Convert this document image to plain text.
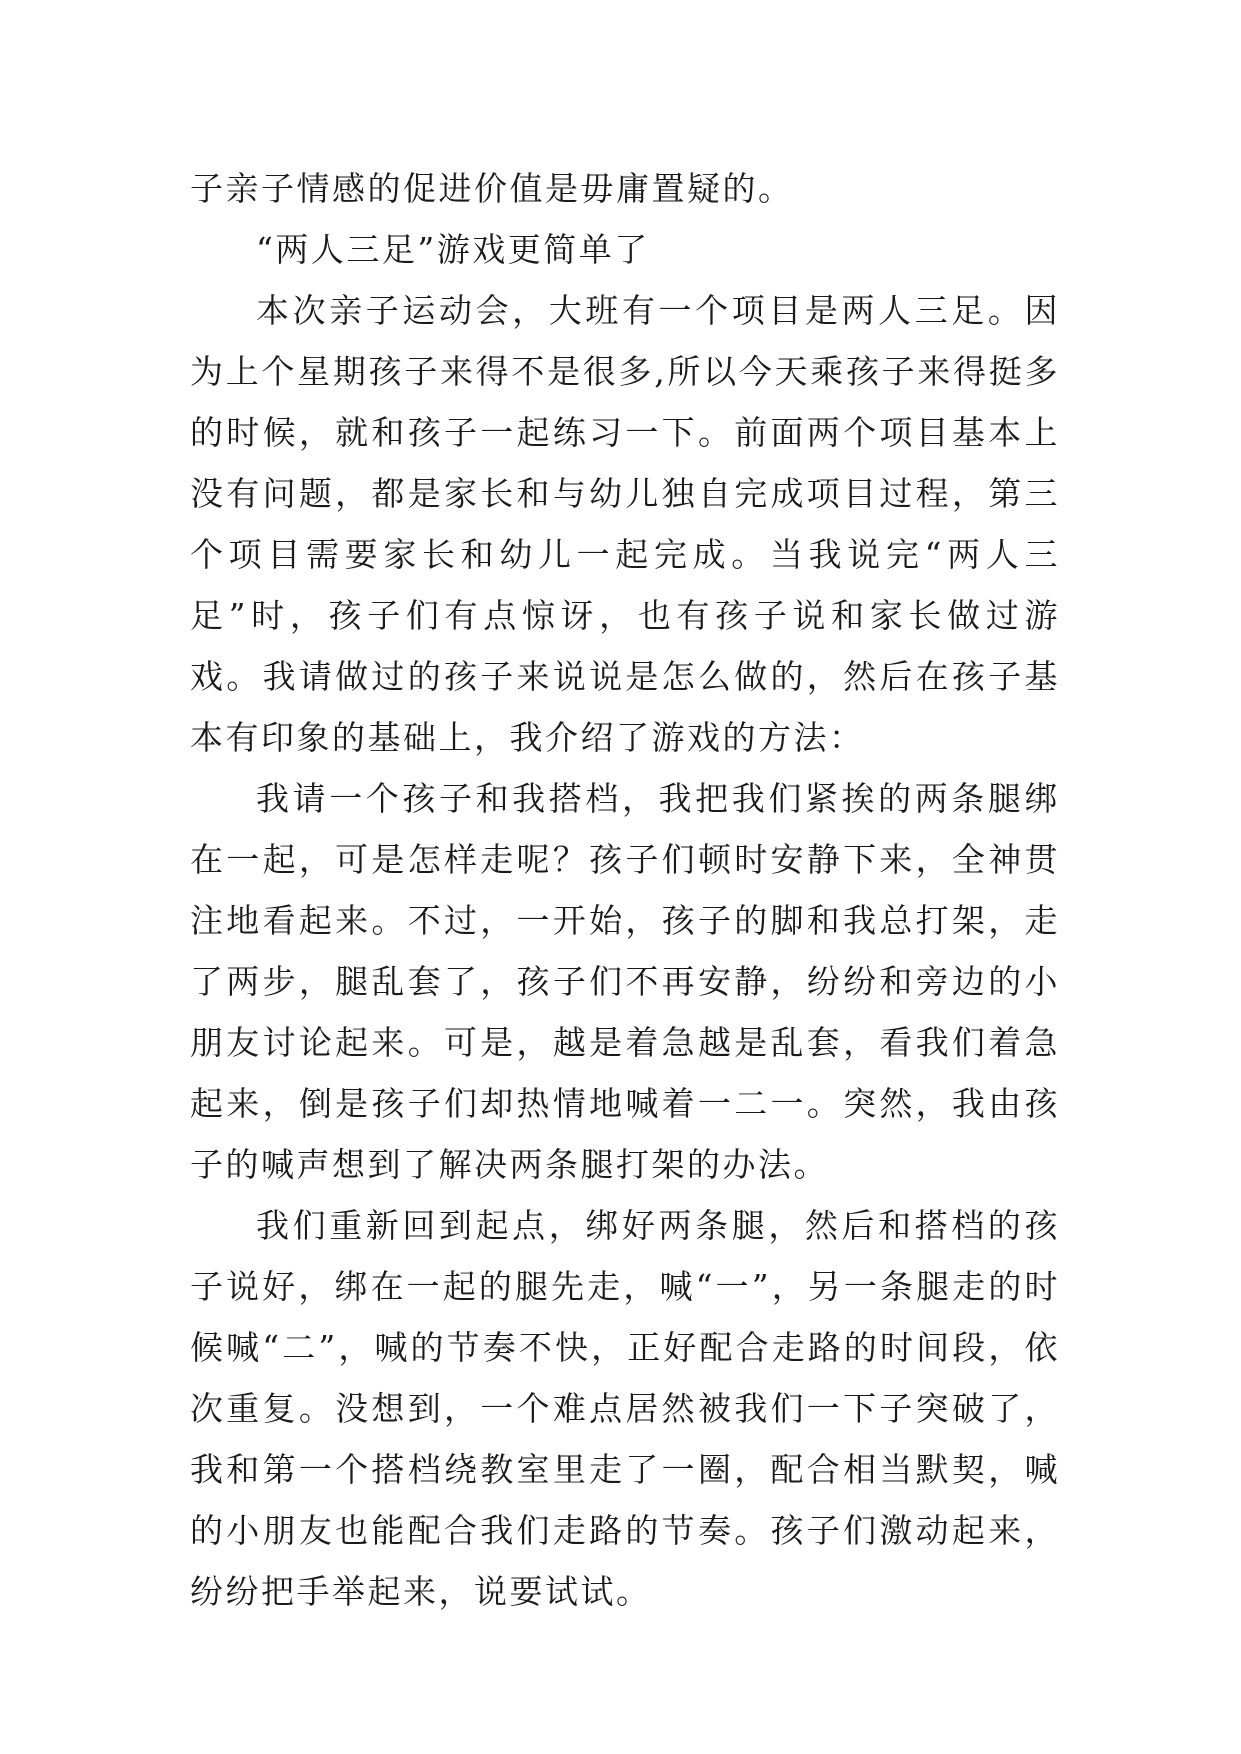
子亲子情感的促进价值是毋庸置疑的。

“两人三足”游戏更简单了

本次亲子运动会，大班有一个项目是两人三足。因为上个星期孩子来得不是很多,所以今天乘孩子来得挺多的时候，就和孩子一起练习一下。前面两个项目基本上没有问题，都是家长和与幼儿独自完成项目过程，第三个项目需要家长和幼儿一起完成。当我说完“两人三足”时，孩子们有点惊讶，也有孩子说和家长做过游戏。我请做过的孩子来说说是怎么做的，然后在孩子基本有印象的基础上，我介绍了游戏的方法：

我请一个孩子和我搭档，我把我们紧挨的两条腿绑在一起，可是怎样走呢？孩子们顿时安静下来，全神贯注地看起来。不过，一开始，孩子的脚和我总打架，走了两步，腿乱套了，孩子们不再安静，纷纷和旁边的小朋友讨论起来。可是，越是着急越是乱套，看我们着急起来，倒是孩子们却热情地喊着一二一。突然，我由孩子的喊声想到了解决两条腿打架的办法。

我们重新回到起点，绑好两条腿，然后和搭档的孩子说好，绑在一起的腿先走，喊“一”，另一条腿走的时候喊“二”，喊的节奏不快，正好配合走路的时间段，依次重复。没想到，一个难点居然被我们一下子突破了，我和第一个搭档绕教室里走了一圈，配合相当默契，喊的小朋友也能配合我们走路的节奏。孩子们激动起来，纷纷把手举起来，说要试试。
